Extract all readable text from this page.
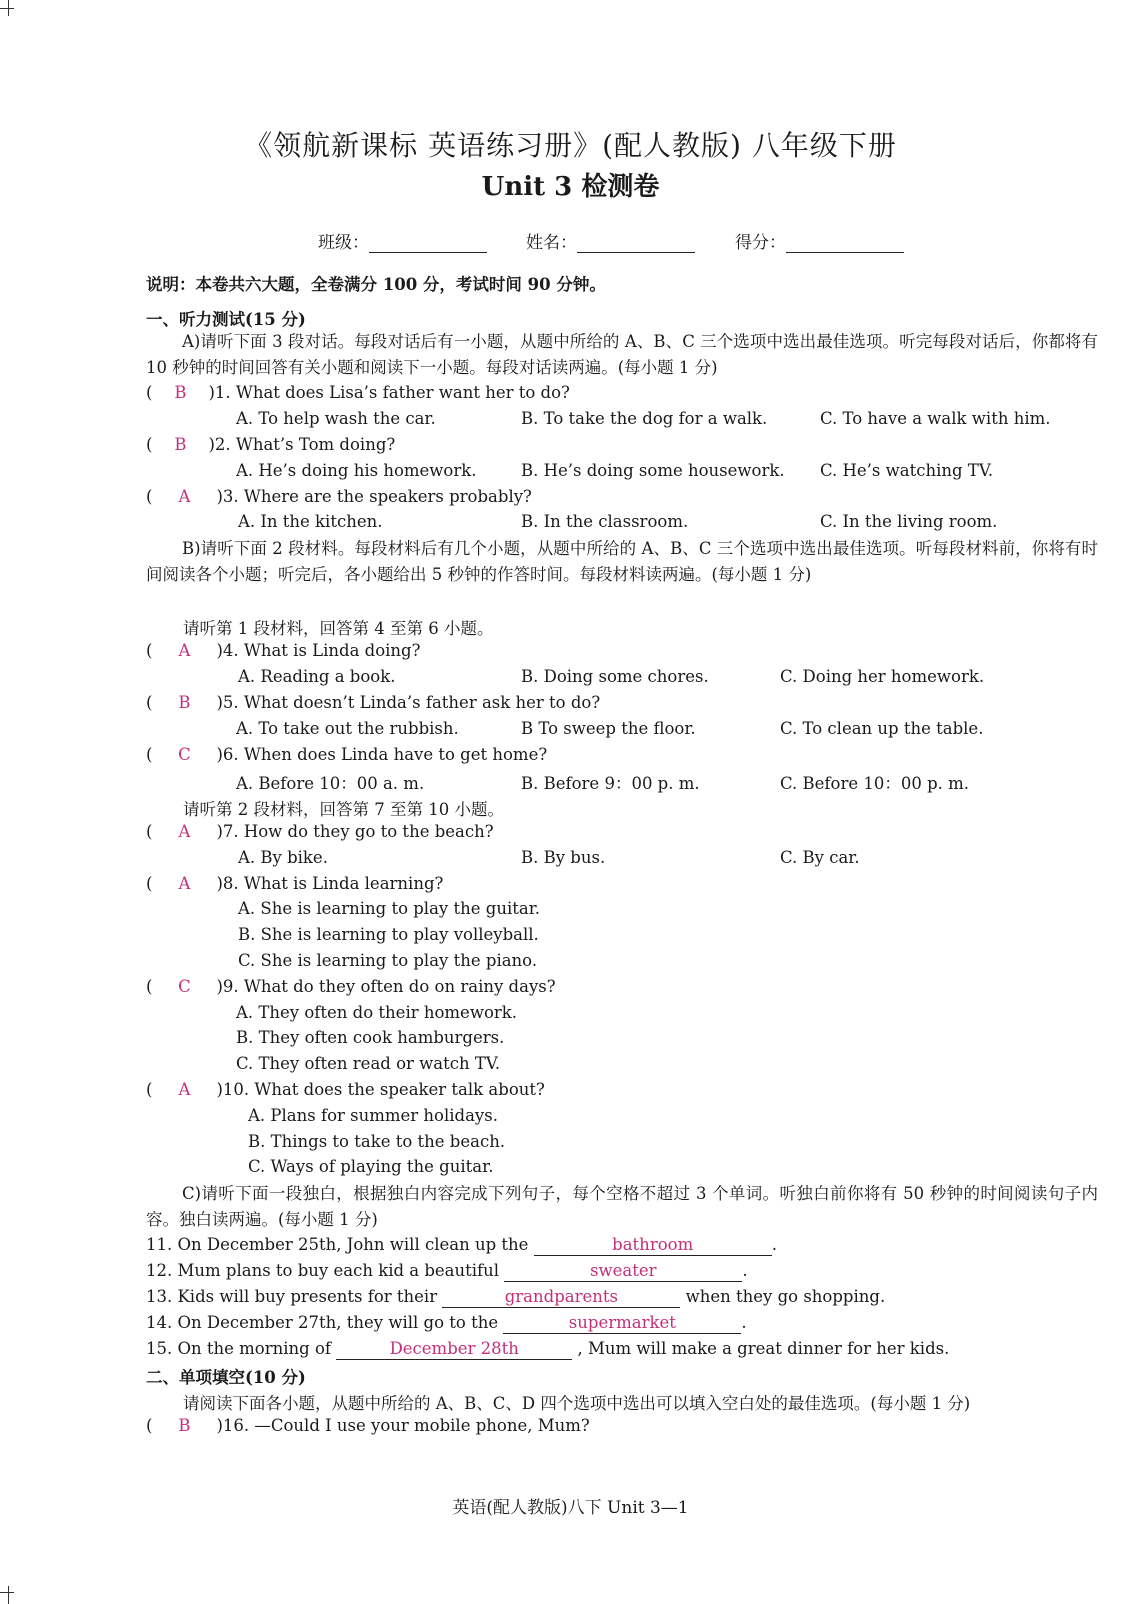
《领航新课标 英语练习册》(配人教版) 八年级下册
Unit 3 检测卷
班级：	姓名：	得分：
说明：本卷共六大题，全卷满分 100 分，考试时间 90 分钟。
一、听力测试(15 分)
A)请听下面 3 段对话。每段对话后有一小题，从题中所给的 A、B、C 三个选项中选出最佳选项。听完每段对话后，你都将有 10 秒钟的时间回答有关小题和阅读下一小题。每段对话读两遍。(每小题 1 分)
( B )1. What does Lisa’s father want her to do?
A. To help wash the car.	B. To take the dog for a walk.	C. To have a walk with him.
( B )2. What’s Tom doing?
A. He’s doing his homework.	B. He’s doing some housework. C. He’s watching TV.
( A )3. Where are the speakers probably?
A. In the kitchen.	B. In the classroom.	C. In the living room.
B)请听下面 2 段材料。每段材料后有几个小题，从题中所给的 A、B、C 三个选项中选出最佳选项。听每段材料前，你将有时间阅读各个小题；听完后，各小题给出 5 秒钟的作答时间。每段材料读两遍。(每小题 1 分)
请听第 1 段材料，回答第 4 至第 6 小题。
( A )4. What is Linda doing?
A. Reading a book.	B. Doing some chores.	C. Doing her homework.
( B )5. What doesn’t Linda’s father ask her to do?
A. To take out the rubbish.	B To sweep the floor.	C. To clean up the table.
( C )6. When does Linda have to get home?
A. Before 10：00 a. m.	B. Before 9：00 p. m.	C. Before 10：00 p. m.
请听第 2 段材料，回答第 7 至第 10 小题。
( A )7. How do they go to the beach?
A. By bike.	B. By bus.	C. By car.
( A )8. What is Linda learning?
A. She is learning to play the guitar.
B. She is learning to play volleyball.
C. She is learning to play the piano.
( C )9. What do they often do on rainy days?
A. They often do their homework.
B. They often cook hamburgers.
C. They often read or watch TV.
( A )10. What does the speaker talk about?
A. Plans for summer holidays.
B. Things to take to the beach.
C. Ways of playing the guitar.
C)请听下面一段独白，根据独白内容完成下列句子，每个空格不超过 3 个单词。听独白前你将有 50 秒钟的时间阅读句子内容。独白读两遍。(每小题 1 分)
11. On December 25th, John will clean up the	bathroom	.
12. Mum plans to buy each kid a beautiful	sweater	.
13. Kids will buy presents for their	grandparents	when they go shopping.
14. On December 27th, they will go to the	supermarket	.
15. On the morning of	December 28th	, Mum will make a great dinner for her kids.
二、单项填空(10 分)
请阅读下面各小题，从题中所给的 A、B、C、D 四个选项中选出可以填入空白处的最佳选项。(每小题 1 分)
( B )16. —Could I use your mobile phone, Mum?
英语(配人教版)八下 Unit 3—1
